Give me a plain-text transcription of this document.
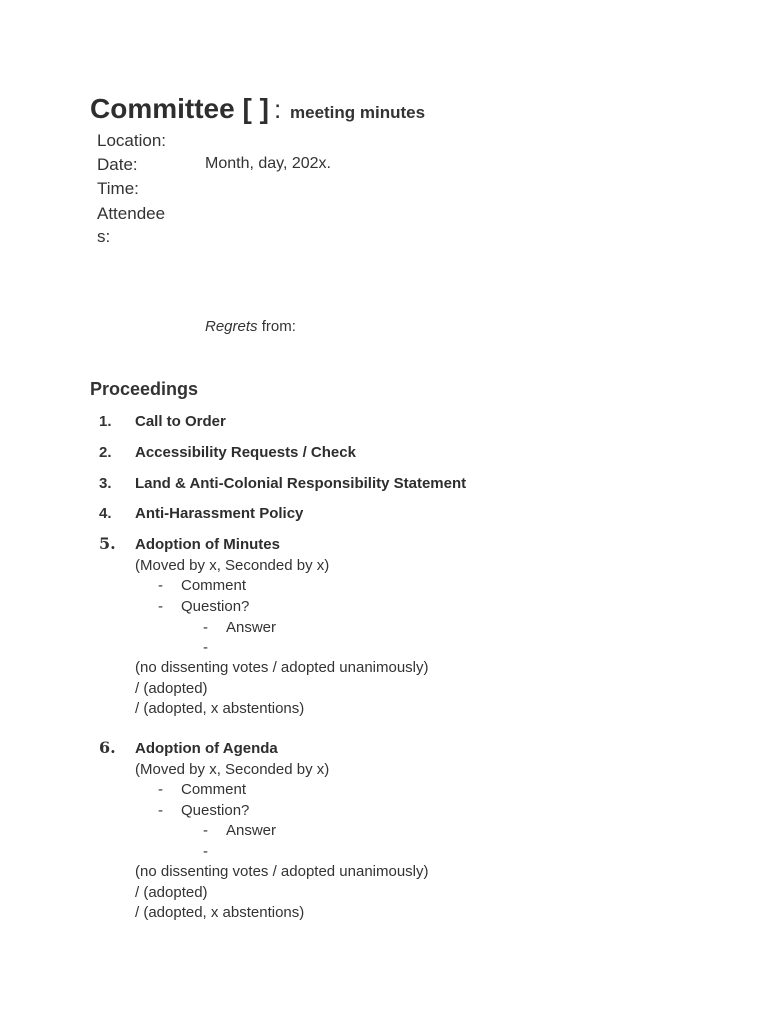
Committee [ ] : meeting minutes
Location:
Date:	Month, day, 202x.
Time:
Attendees:
Regrets from:
Proceedings
1. Call to Order
2. Accessibility Requests / Check
3. Land & Anti-Colonial Responsibility Statement
4. Anti-Harassment Policy
5. Adoption of Minutes
(Moved by x, Seconded by x)
- Comment
- Question?
- Answer
-
(no dissenting votes / adopted unanimously)
/ (adopted)
/ (adopted, x abstentions)
6. Adoption of Agenda
(Moved by x, Seconded by x)
- Comment
- Question?
- Answer
-
(no dissenting votes / adopted unanimously)
/ (adopted)
/ (adopted, x abstentions)
